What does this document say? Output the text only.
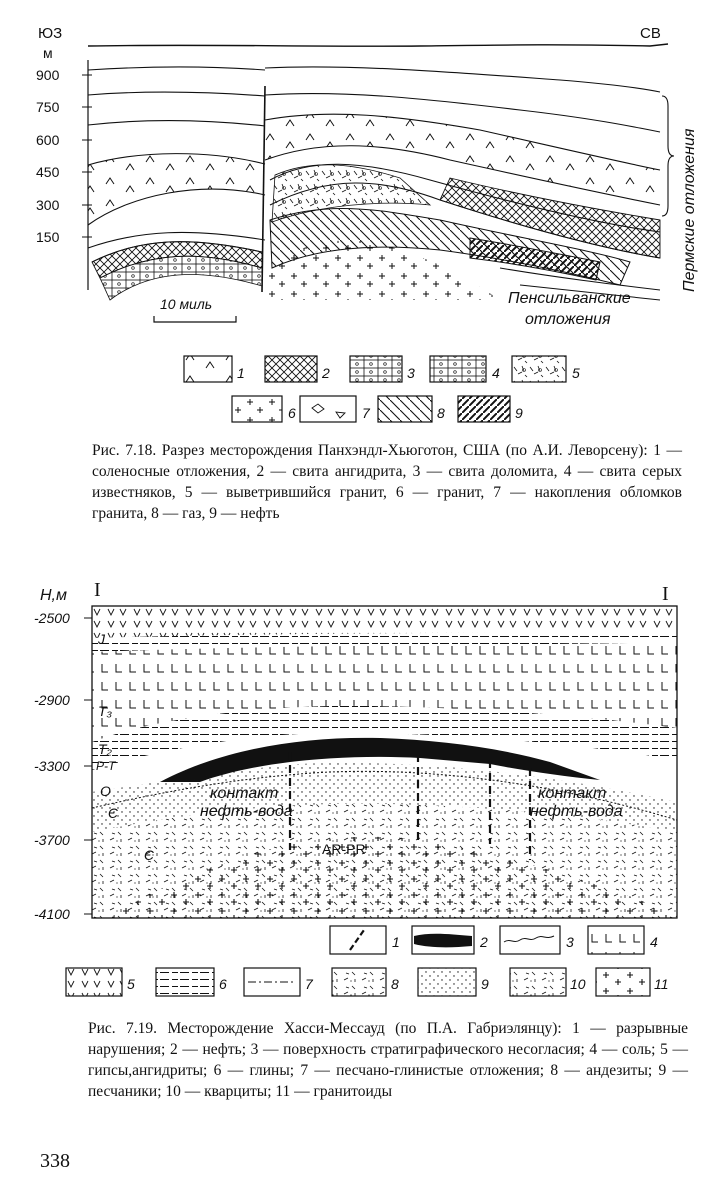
ЮЗ	СВ
м
900
750
600
450
300
150	Пермские отложения
Пенсильванские
отложения
10 миль
1	2	3	4	5
6	7	8	9
Рис. 7.18. Разрез месторождения Панхэндл-Хьюготон, США (по А.И. Леворсену): 1 — соленосные отложения, 2 — свита ангидрита, 3 — свита доломита, 4 — свита серых известняков, 5 — выветрившийся гранит, 6 — гранит, 7 — накопления обломков гранита, 8 — газ, 9 — нефть
H,м I	I
-2500
-2900
-3300
-3700
-4100
J
T₃
T₂
P-T
O
Є
Є
контакт
нефть-вода
контакт
нефть-вода
AR-PR
1	2	3	4
5	6	7	8	9	10	11
Рис. 7.19. Месторождение Хасси-Мессауд (по П.А. Габриэлянцу): 1 — разрывные нарушения; 2 — нефть; 3 — поверхность стратиграфического несогласия; 4 — соль; 5 — гипсы,ангидриты; 6 — глины; 7 — песчано-глинистые отложения; 8 — андезиты; 9 — песчаники; 10 — кварциты; 11 — гранитоиды
338
